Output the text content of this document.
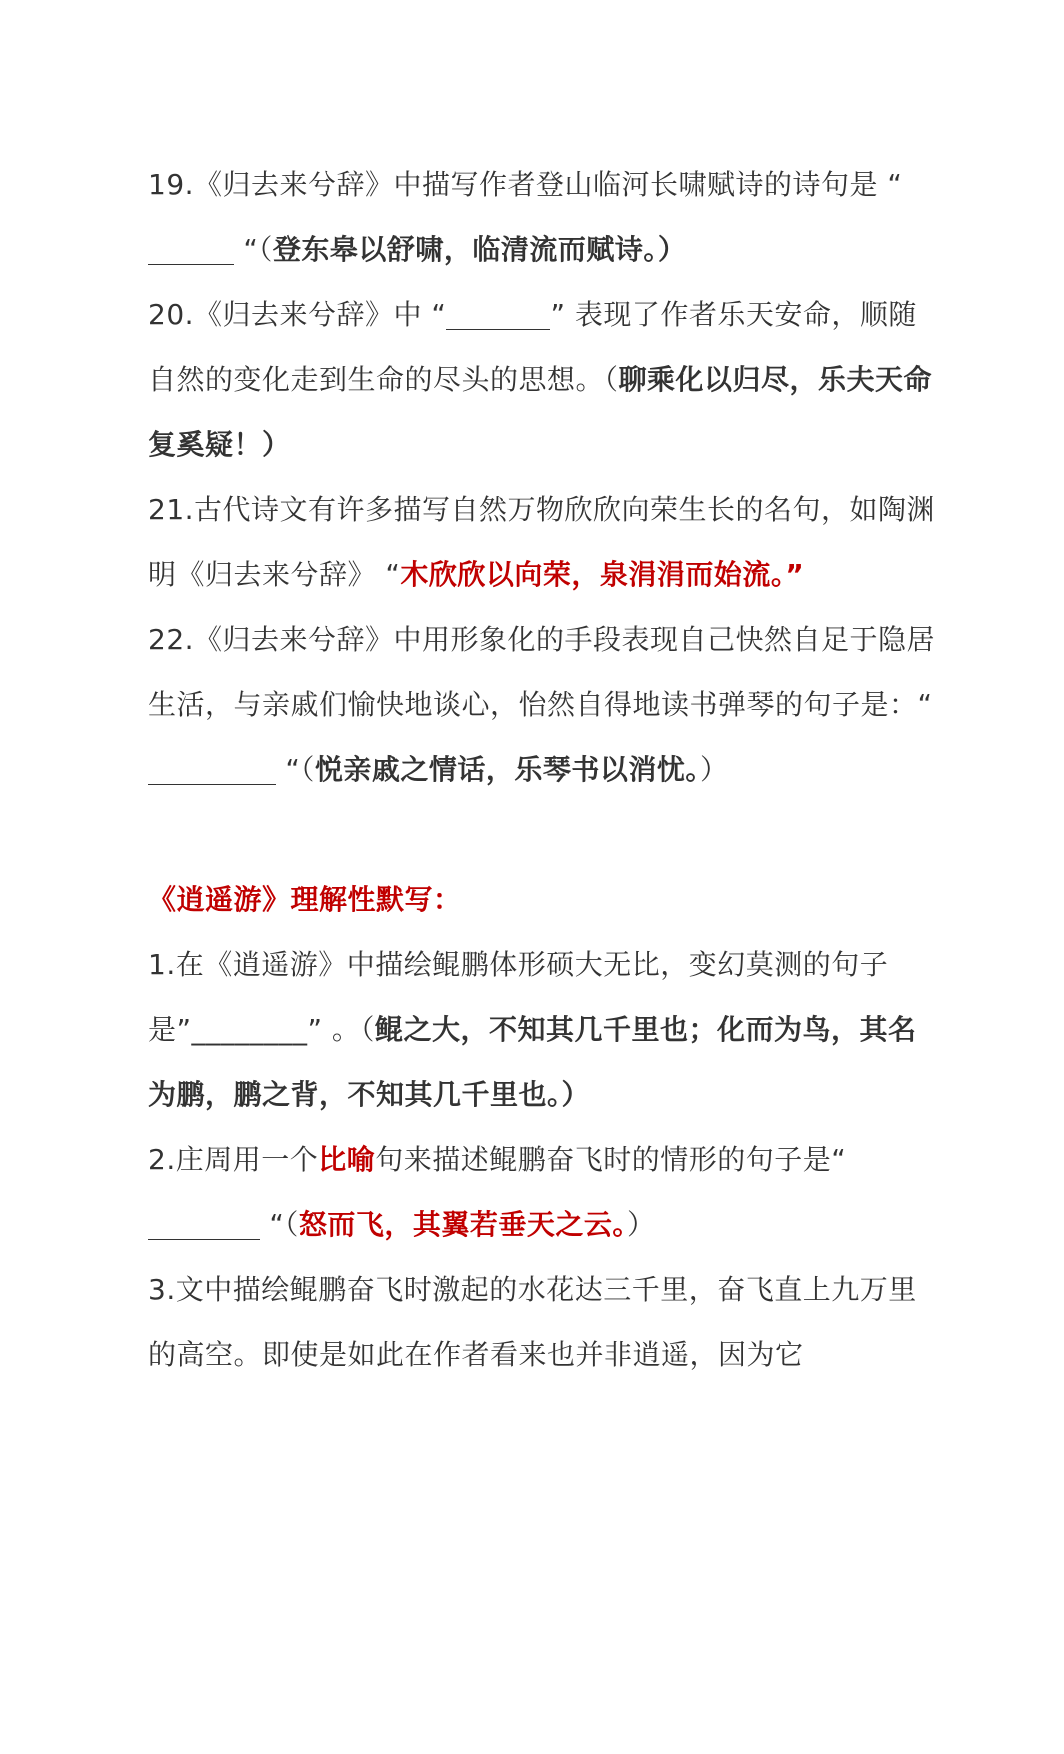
19.《归去来兮辞》中描写作者登山临河长啸赋诗的诗句是 “ “（登东皋以舒啸，临清流而赋诗。）

20.《归去来兮辞》中 “	” 表现了作者乐天安命，顺随自然的变化走到生命的尽头的思想。（聊乘化以归尽，乐夫天命复奚疑！）

21.古代诗文有许多描写自然万物欣欣向荣生长的名句，如陶渊明《归去来兮辞》 “木欣欣以向荣，泉涓涓而始流。”

22.《归去来兮辞》中用形象化的手段表现自己快然自足于隐居生活，与亲戚们愉快地谈心，怡然自得地读书弹琴的句子是：“ “（悦亲戚之情话，乐琴书以消忧。）

《逍遥游》理解性默写：

1.在《逍遥游》中描绘鲲鹏体形硕大无比，变幻莫测的句子是”________” 。（鲲之大，不知其几千里也；化而为鸟，其名为鹏，鹏之背，不知其几千里也。）

2.庄周用一个比喻句来描述鲲鹏奋飞时的情形的句子是“ “（怒而飞，其翼若垂天之云。）

3.文中描绘鲲鹏奋飞时激起的水花达三千里，奋飞直上九万里的高空。即使是如此在作者看来也并非逍遥，因为它
